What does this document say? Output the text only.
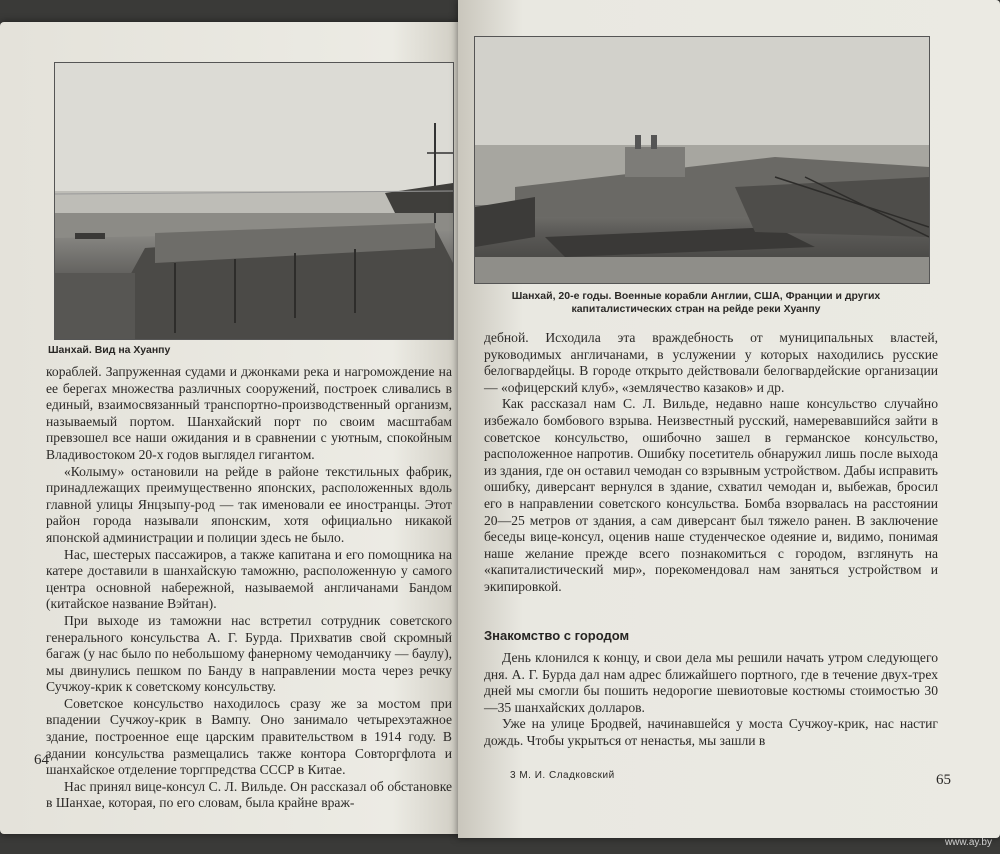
Шанхай. Вид на Хуанпу

кораблей. Запруженная судами и джонками река и нагромождение на ее берегах множества различных сооружений, построек сливались в единый, взаимосвязанный транспортно-производственный организм, называемый портом. Шанхайский порт по своим масштабам превзошел все наши ожидания и в сравнении с уютным, спокойным Владивостоком 20-х годов выглядел гигантом.

«Колыму» остановили на рейде в районе текстильных фабрик, принадлежащих преимущественно японских, расположенных вдоль главной улицы Янцзыпу-род — так именовали ее иностранцы. Этот район города называли японским, хотя официально никакой японской администрации и полиции здесь не было.

Нас, шестерых пассажиров, а также капитана и его помощника на катере доставили в шанхайскую таможню, расположенную у самого центра основной набережной, называемой англичанами Бандом (китайское название Вэйтан).

При выходе из таможни нас встретил сотрудник советского генерального консульства А. Г. Бурда. Прихватив свой скромный багаж (у нас было по небольшому фанерному чемоданчику — баулу), мы двинулись пешком по Банду в направлении моста через речку Сучжоу-крик к советскому консульству.

Советское консульство находилось сразу же за мостом при впадении Сучжоу-крик в Вампу. Оно занимало четырехэтажное здание, построенное еще царским правительством в 1914 году. В здании консульства размещались также контора Совторгфлота и шанхайское отделение торгпредства СССР в Китае.

Нас принял вице-консул С. Л. Вильде. Он рассказал об обстановке в Шанхае, которая, по его словам, была крайне враж-

64
Шанхай, 20-е годы. Военные корабли Англии, США, Франции и других капиталистических стран на рейде реки Хуанпу

дебной. Исходила эта враждебность от муниципальных властей, руководимых англичанами, в услужении у которых находились русские белогвардейцы. В городе открыто действовали белогвардейские организации — «офицерский клуб», «землячество казаков» и др.

Как рассказал нам С. Л. Вильде, недавно наше консульство случайно избежало бомбового взрыва. Неизвестный русский, намеревавшийся зайти в советское консульство, ошибочно зашел в германское консульство, расположенное напротив. Ошибку посетитель обнаружил лишь после выхода из здания, где он оставил чемодан со взрывным устройством. Дабы исправить ошибку, диверсант вернулся в здание, схватил чемодан и, выбежав, бросил его в направлении советского консульства. Бомба взорвалась на расстоянии 20—25 метров от здания, а сам диверсант был тяжело ранен. В заключение беседы вице-консул, оценив наше студенческое одеяние и, видимо, понимая наше желание прежде всего познакомиться с городом, взглянуть на «капиталистический мир», порекомендовал нам заняться устройством и экипировкой.

Знакомство с городом

День клонился к концу, и свои дела мы решили начать утром следующего дня. А. Г. Бурда дал нам адрес ближайшего портного, где в течение двух-трех дней мы смогли бы пошить недорогие шевиотовые костюмы стоимостью 30—35 шанхайских долларов.

Уже на улице Бродвей, начинавшейся у моста Сучжоу-крик, нас настиг дождь. Чтобы укрыться от ненастья, мы зашли в

3 М. И. Сладковский	65
www.ay.by
